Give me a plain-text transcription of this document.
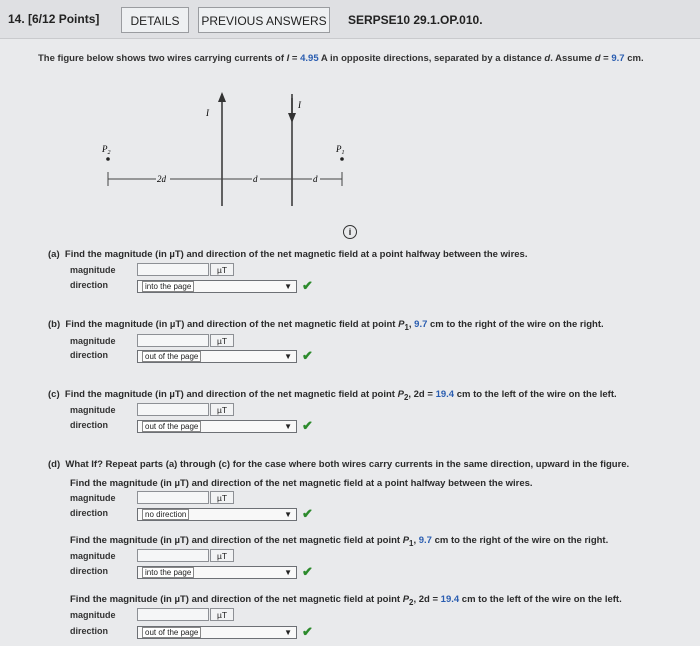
14. [6/12 Points]	DETAILS	PREVIOUS ANSWERS SERPSE10 29.1.OP.010.
The figure below shows two wires carrying currents of I = 4.95 A in opposite directions, separated by a distance d. Assume d = 9.7 cm.
I
I
$P_2$	$P_1$
2d	d	d
i
(a) Find the magnitude (in µT) and direction of the net magnetic field at a point halfway between the wires.
magnitude	µT
direction	into the page	▼ ✔
(b) Find the magnitude (in µT) and direction of the net magnetic field at point $P_1$, 9.7 cm to the right of the wire on the right.
magnitude	µT
direction	out of the page	▼ ✔
(c) Find the magnitude (in µT) and direction of the net magnetic field at point $P_2$, 2d = 19.4 cm to the left of the wire on the left.
magnitude	µT
direction	out of the page	▼ ✔
(d) What If? Repeat parts (a) through (c) for the case where both wires carry currents in the same direction, upward in the figure.
Find the magnitude (in µT) and direction of the net magnetic field at a point halfway between the wires.
magnitude	µT
direction	no direction	▼ ✔
Find the magnitude (in µT) and direction of the net magnetic field at point $P_1$, 9.7 cm to the right of the wire on the right.
magnitude	µT
direction	into the page	▼ ✔
Find the magnitude (in µT) and direction of the net magnetic field at point $P_2$, 2d = 19.4 cm to the left of the wire on the left.
magnitude	µT
direction	out of the page	▼ ✔
